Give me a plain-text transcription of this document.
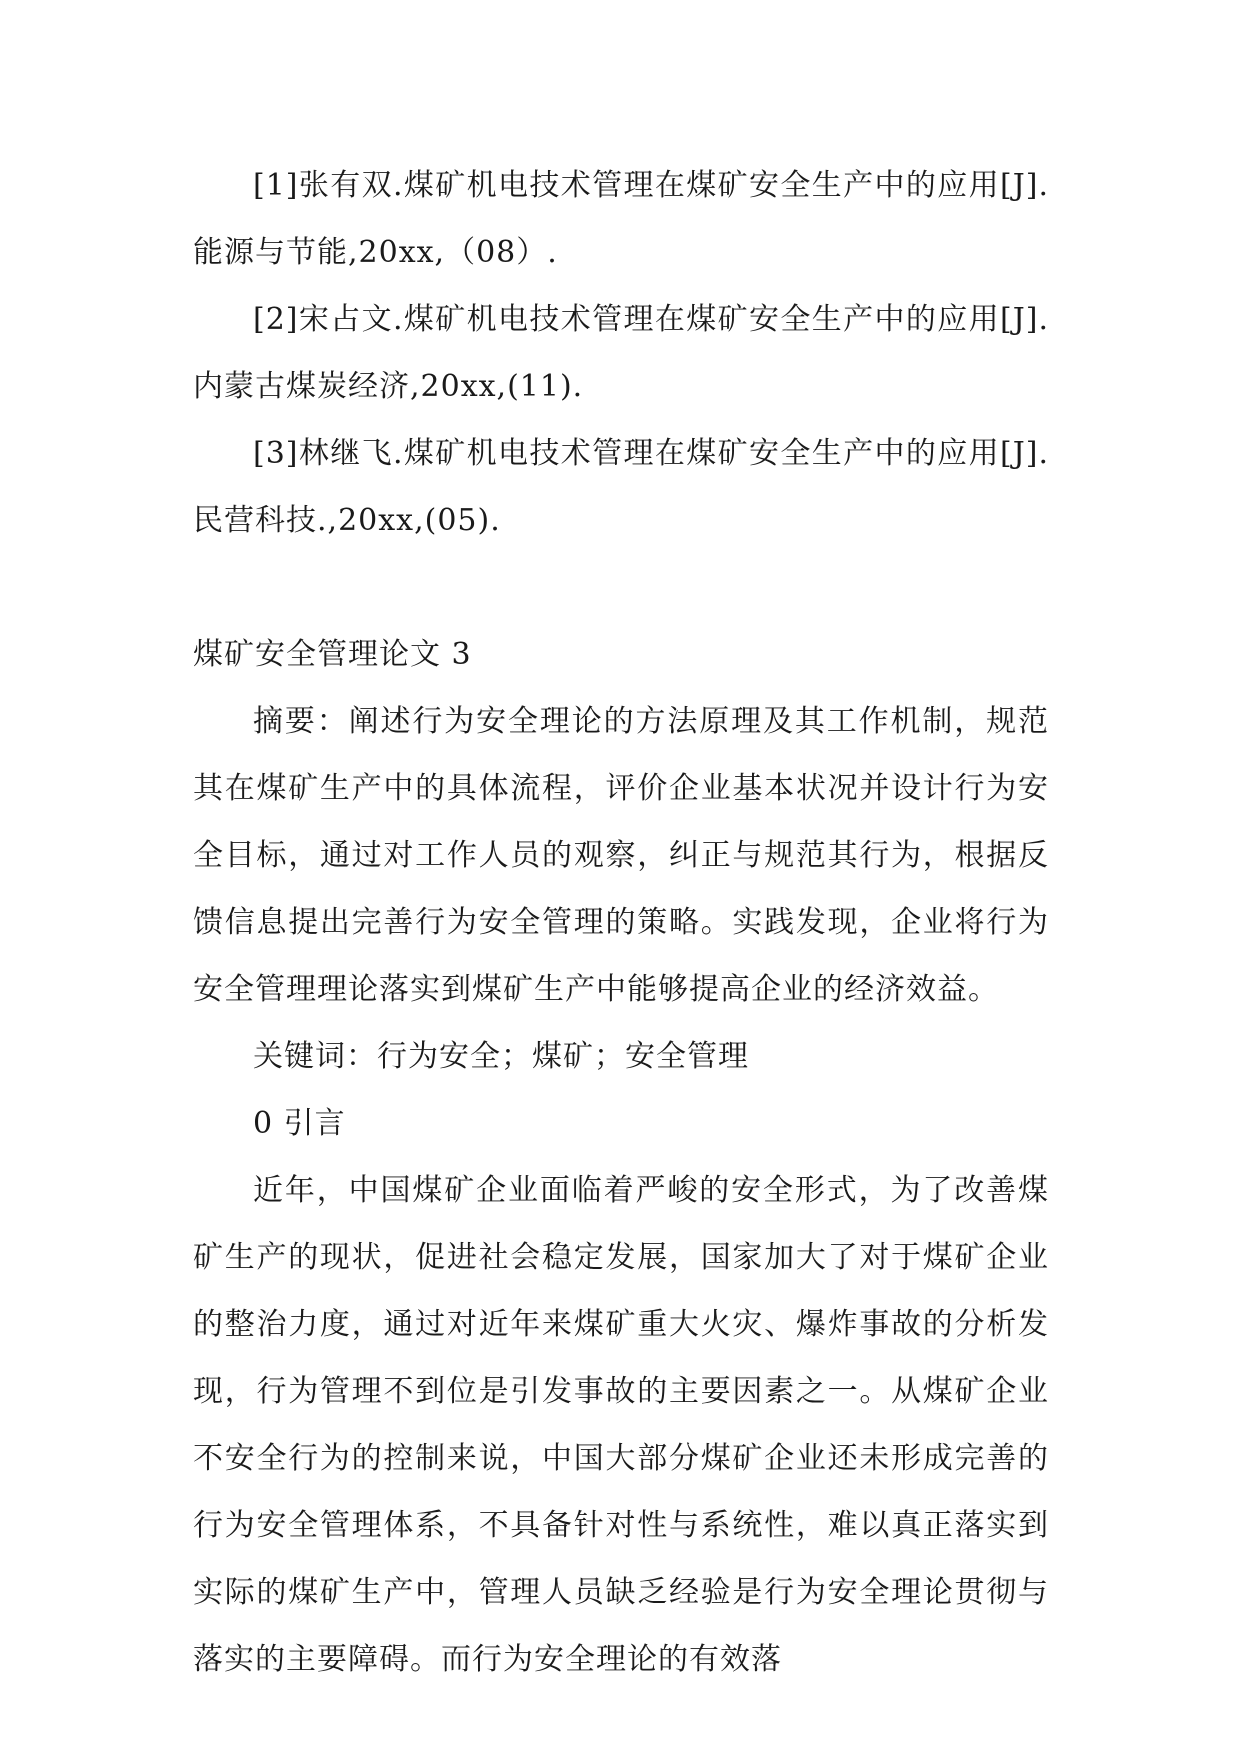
[1]张有双.煤矿机电技术管理在煤矿安全生产中的应用[J].能源与节能,20xx,（08）.

[2]宋占文.煤矿机电技术管理在煤矿安全生产中的应用[J].内蒙古煤炭经济,20xx,(11).

[3]林继飞.煤矿机电技术管理在煤矿安全生产中的应用[J].民营科技.,20xx,(05).

煤矿安全管理论文 3

摘要：阐述行为安全理论的方法原理及其工作机制，规范其在煤矿生产中的具体流程，评价企业基本状况并设计行为安全目标，通过对工作人员的观察，纠正与规范其行为，根据反馈信息提出完善行为安全管理的策略。实践发现，企业将行为安全管理理论落实到煤矿生产中能够提高企业的经济效益。

关键词：行为安全；煤矿；安全管理

0 引言

近年，中国煤矿企业面临着严峻的安全形式，为了改善煤矿生产的现状，促进社会稳定发展，国家加大了对于煤矿企业的整治力度，通过对近年来煤矿重大火灾、爆炸事故的分析发现，行为管理不到位是引发事故的主要因素之一。从煤矿企业不安全行为的控制来说，中国大部分煤矿企业还未形成完善的行为安全管理体系，不具备针对性与系统性，难以真正落实到实际的煤矿生产中，管理人员缺乏经验是行为安全理论贯彻与落实的主要障碍。而行为安全理论的有效落
